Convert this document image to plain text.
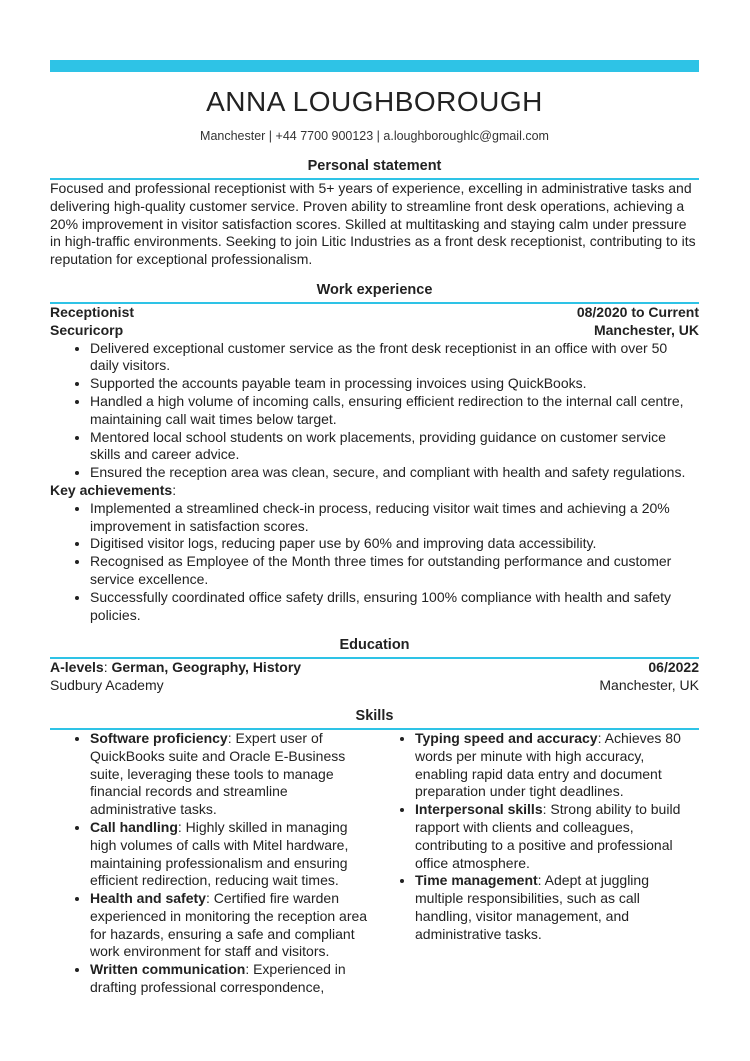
ANNA LOUGHBOROUGH
Manchester | +44 7700 900123 | a.loughboroughlc@gmail.com
Personal statement
Focused and professional receptionist with 5+ years of experience, excelling in administrative tasks and delivering high-quality customer service. Proven ability to streamline front desk operations, achieving a 20% improvement in visitor satisfaction scores. Skilled at multitasking and staying calm under pressure in high-traffic environments. Seeking to join Litic Industries as a front desk receptionist, contributing to its reputation for exceptional professionalism.
Work experience
Receptionist	08/2020 to Current
Securicorp	Manchester, UK
• Delivered exceptional customer service as the front desk receptionist in an office with over 50 daily visitors.
• Supported the accounts payable team in processing invoices using QuickBooks.
• Handled a high volume of incoming calls, ensuring efficient redirection to the internal call centre, maintaining call wait times below target.
• Mentored local school students on work placements, providing guidance on customer service skills and career advice.
• Ensured the reception area was clean, secure, and compliant with health and safety regulations.
Key achievements:
• Implemented a streamlined check-in process, reducing visitor wait times and achieving a 20% improvement in satisfaction scores.
• Digitised visitor logs, reducing paper use by 60% and improving data accessibility.
• Recognised as Employee of the Month three times for outstanding performance and customer service excellence.
• Successfully coordinated office safety drills, ensuring 100% compliance with health and safety policies.
Education
A-levels: German, Geography, History	06/2022
Sudbury Academy	Manchester, UK
Skills
• Software proficiency: Expert user of QuickBooks suite and Oracle E-Business suite, leveraging these tools to manage financial records and streamline administrative tasks.
• Call handling: Highly skilled in managing high volumes of calls with Mitel hardware, maintaining professionalism and ensuring efficient redirection, reducing wait times.
• Health and safety: Certified fire warden experienced in monitoring the reception area for hazards, ensuring a safe and compliant work environment for staff and visitors.
• Written communication: Experienced in drafting professional correspondence,
• Typing speed and accuracy: Achieves 80 words per minute with high accuracy, enabling rapid data entry and document preparation under tight deadlines.
• Interpersonal skills: Strong ability to build rapport with clients and colleagues, contributing to a positive and professional office atmosphere.
• Time management: Adept at juggling multiple responsibilities, such as call handling, visitor management, and administrative tasks.
